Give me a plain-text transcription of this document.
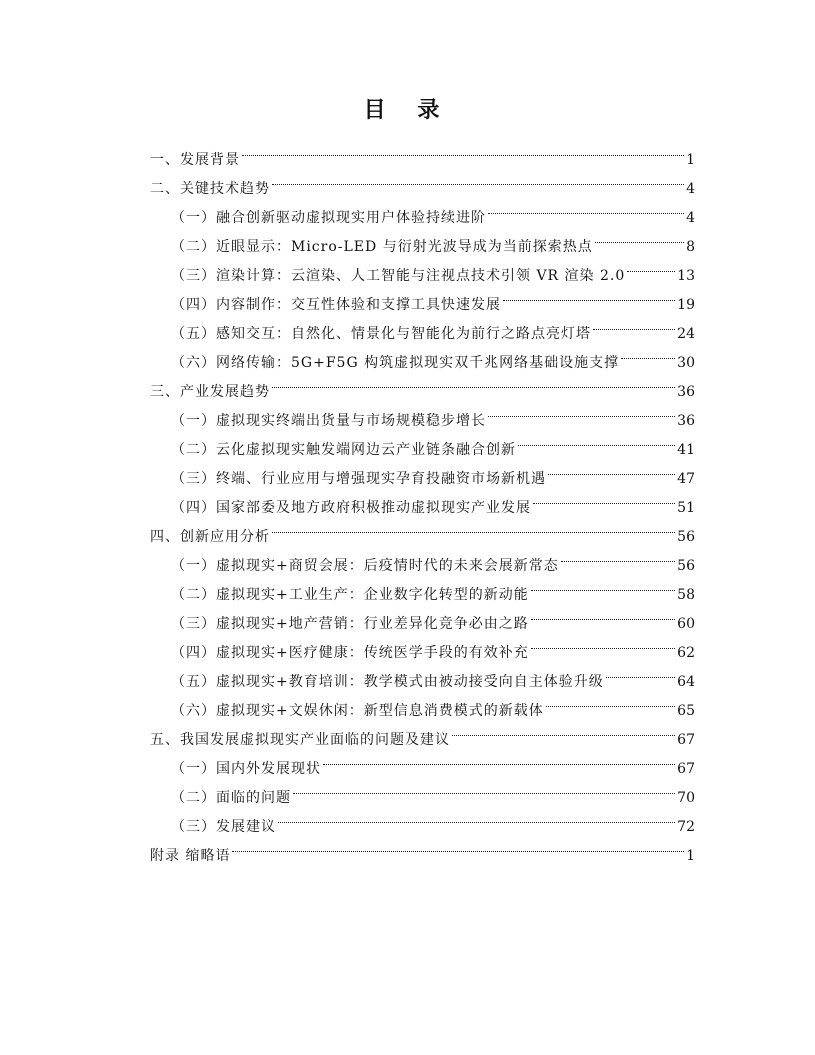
目 录
一、发展背景	1
二、关键技术趋势	4
（一）融合创新驱动虚拟现实用户体验持续进阶	4
（二）近眼显示：Micro-LED 与衍射光波导成为当前探索热点	8
（三）渲染计算：云渲染、人工智能与注视点技术引领 VR 渲染 2.0	13
（四）内容制作：交互性体验和支撑工具快速发展	19
（五）感知交互：自然化、情景化与智能化为前行之路点亮灯塔	24
（六）网络传输：5G+F5G 构筑虚拟现实双千兆网络基础设施支撑	30
三、产业发展趋势	36
（一）虚拟现实终端出货量与市场规模稳步增长	36
（二）云化虚拟现实触发端网边云产业链条融合创新	41
（三）终端、行业应用与增强现实孕育投融资市场新机遇	47
（四）国家部委及地方政府积极推动虚拟现实产业发展	51
四、创新应用分析	56
（一）虚拟现实+商贸会展：后疫情时代的未来会展新常态	56
（二）虚拟现实+工业生产：企业数字化转型的新动能	58
（三）虚拟现实+地产营销：行业差异化竞争必由之路	60
（四）虚拟现实+医疗健康：传统医学手段的有效补充	62
（五）虚拟现实+教育培训：教学模式由被动接受向自主体验升级	64
（六）虚拟现实+文娱休闲：新型信息消费模式的新载体	65
五、我国发展虚拟现实产业面临的问题及建议	67
（一）国内外发展现状	67
（二）面临的问题	70
（三）发展建议	72
附录 缩略语	1
